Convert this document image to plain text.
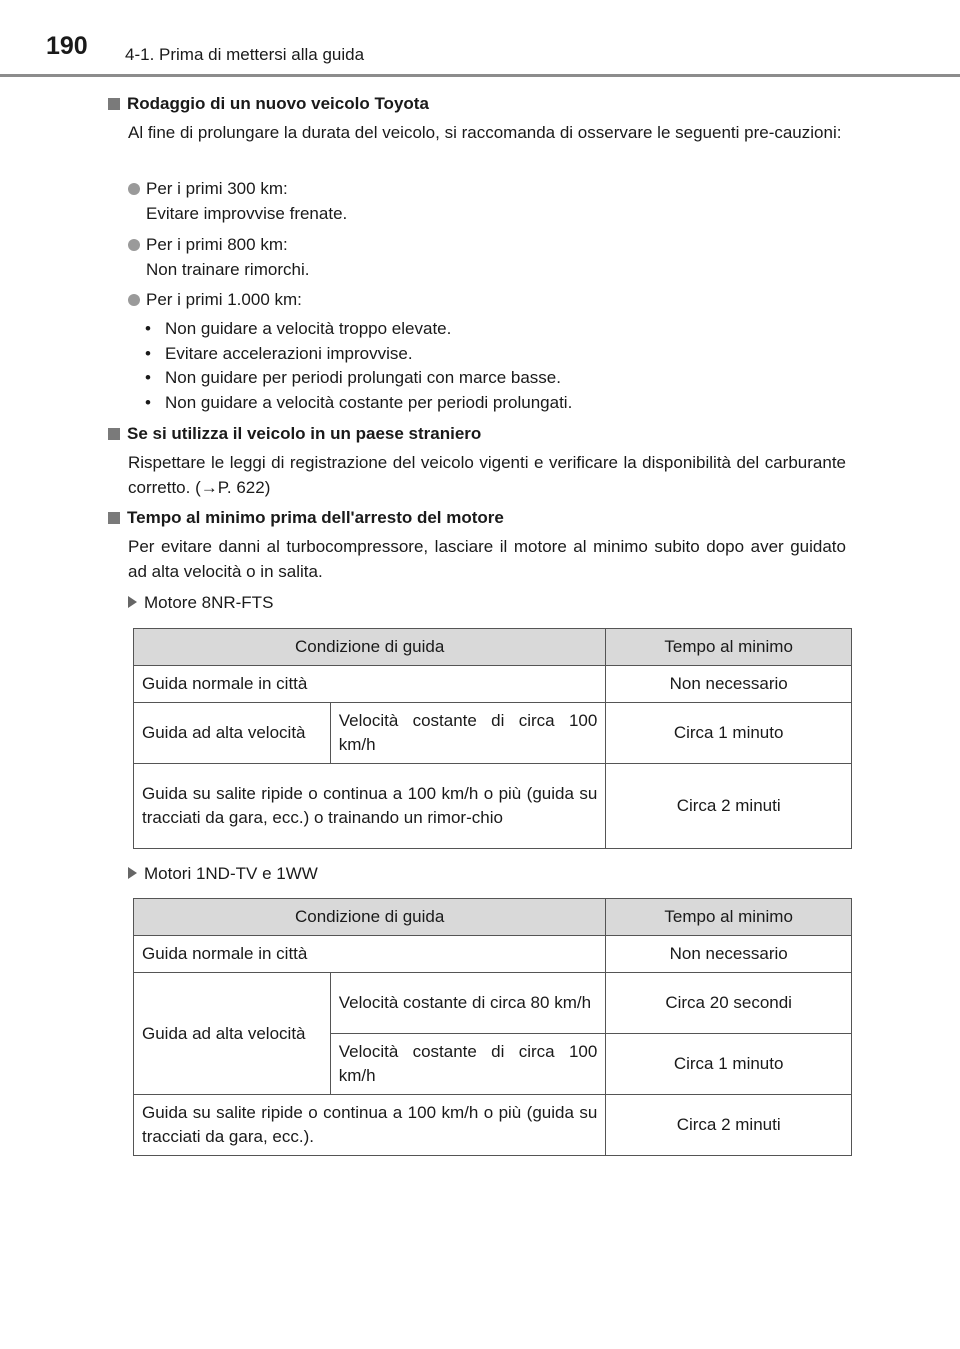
190 4-1. Prima di mettersi alla guida
Rodaggio di un nuovo veicolo Toyota
Al fine di prolungare la durata del veicolo, si raccomanda di osservare le seguenti pre-cauzioni:
Per i primi 300 km:
Evitare improvvise frenate.
Per i primi 800 km:
Non trainare rimorchi.
Per i primi 1.000 km:
• Non guidare a velocità troppo elevate.
• Evitare accelerazioni improvvise.
• Non guidare per periodi prolungati con marce basse.
• Non guidare a velocità costante per periodi prolungati.
Se si utilizza il veicolo in un paese straniero
Rispettare le leggi di registrazione del veicolo vigenti e verificare la disponibilità del carburante corretto. (→P. 622)
Tempo al minimo prima dell'arresto del motore
Per evitare danni al turbocompressore, lasciare il motore al minimo subito dopo aver guidato ad alta velocità o in salita.
Motore 8NR-FTS
Condizione di guida		Tempo al minimo
Guida normale in città		Non necessario
Guida ad alta velocità	Velocità costante di circa 100 km/h	Circa 1 minuto
Guida su salite ripide o continua a 100 km/h o più (guida su tracciati da gara, ecc.) o trainando un rimor-chio		Circa 2 minuti
Motori 1ND-TV e 1WW
Condizione di guida		Tempo al minimo
Guida normale in città		Non necessario
Guida ad alta velocità	Velocità costante di circa 80 km/h	Circa 20 secondi
	Velocità costante di circa 100 km/h	Circa 1 minuto
Guida su salite ripide o continua a 100 km/h o più (guida su tracciati da gara, ecc.).		Circa 2 minuti
